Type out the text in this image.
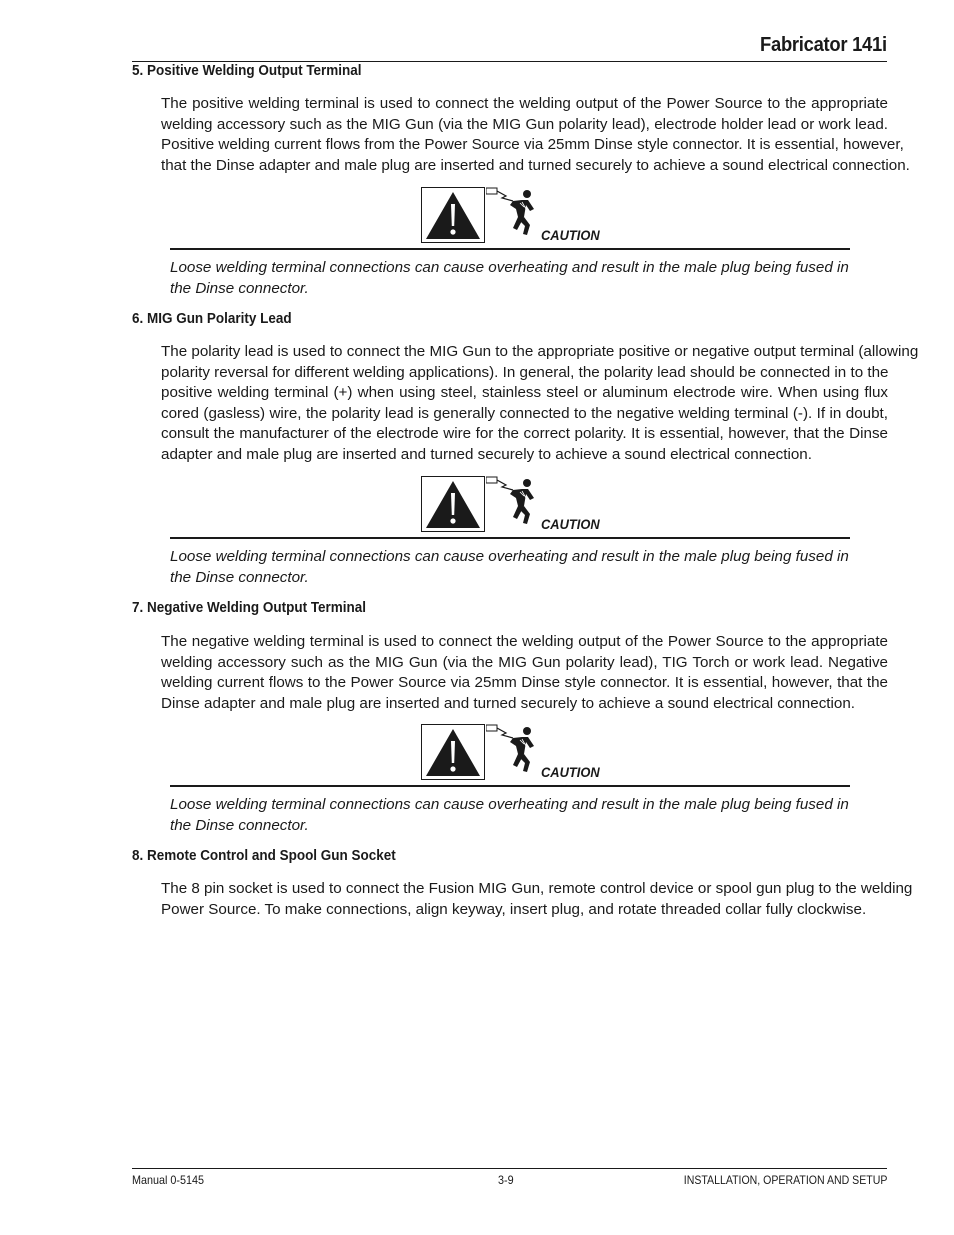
Fabricator 141i
5. Positive Welding Output Terminal
The positive welding terminal is used to connect the welding output of the Power Source to the appropriate
welding accessory such as the MIG Gun (via the MIG Gun polarity lead), electrode holder lead or work lead.
Positive welding current flows from the Power Source via 25mm Dinse style connector. It is essential, however,
that the Dinse adapter and male plug are inserted and turned securely to achieve a sound electrical connection.
CAUTION
Loose welding terminal connections can cause overheating and result in the male plug being fused in
the Dinse connector.
6. MIG Gun Polarity Lead
The polarity lead is used to connect the MIG Gun to the appropriate positive or negative output terminal (allowing
polarity reversal for different welding applications). In general, the polarity lead should be connected in to the
positive welding terminal (+) when using steel, stainless steel or aluminum electrode wire. When using flux
cored (gasless) wire, the polarity lead is generally connected to the negative welding terminal (-). If in doubt,
consult the manufacturer of the electrode wire for the correct polarity. It is essential, however, that the Dinse
adapter and male plug are inserted and turned securely to achieve a sound electrical connection.
CAUTION
Loose welding terminal connections can cause overheating and result in the male plug being fused in
the Dinse connector.
7. Negative Welding Output Terminal
The negative welding terminal is used to connect the welding output of the Power Source to the appropriate
welding accessory such as the MIG Gun (via the MIG Gun polarity lead), TIG Torch or work lead. Negative
welding current flows to the Power Source via 25mm Dinse style connector. It is essential, however, that the
Dinse adapter and male plug are inserted and turned securely to achieve a sound electrical connection.
CAUTION
Loose welding terminal connections can cause overheating and result in the male plug being fused in
the Dinse connector.
8. Remote Control and Spool Gun Socket
The 8 pin socket is used to connect the Fusion MIG Gun, remote control device or spool gun plug to the welding
Power Source. To make connections, align keyway, insert plug, and rotate threaded collar fully clockwise.
Manual 0-5145	3-9	INSTALLATION, OPERATION AND SETUP
